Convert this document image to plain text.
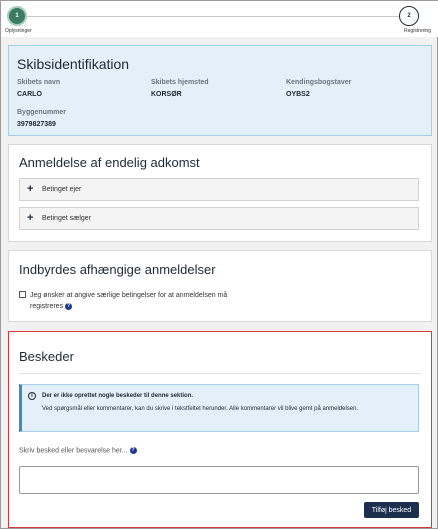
1	2
Oplysninger	Registrering
Skibsidentifikation
Skibets navn
CARLO
Skibets hjemsted
KORSØR
Kendingsbogstaver
OYBS2
Byggenummer
3979827389
Anmeldelse af endelig adkomst
+ Betinget ejer
+ Betinget sælger
Indbyrdes afhængige anmeldelser
Jeg ønsker at angive særlige betingelser for at anmeldelsen må registreres ?
Beskeder
i	Der er ikke oprettet nogle beskeder til denne sektion.
Ved spørgsmål eller kommentarer, kan du skrive i tekstfeltet herunder. Alle kommentarer vil blive gemt på anmeldelsen.
Skriv besked eller besvarelse her... ?
Tilføj besked
